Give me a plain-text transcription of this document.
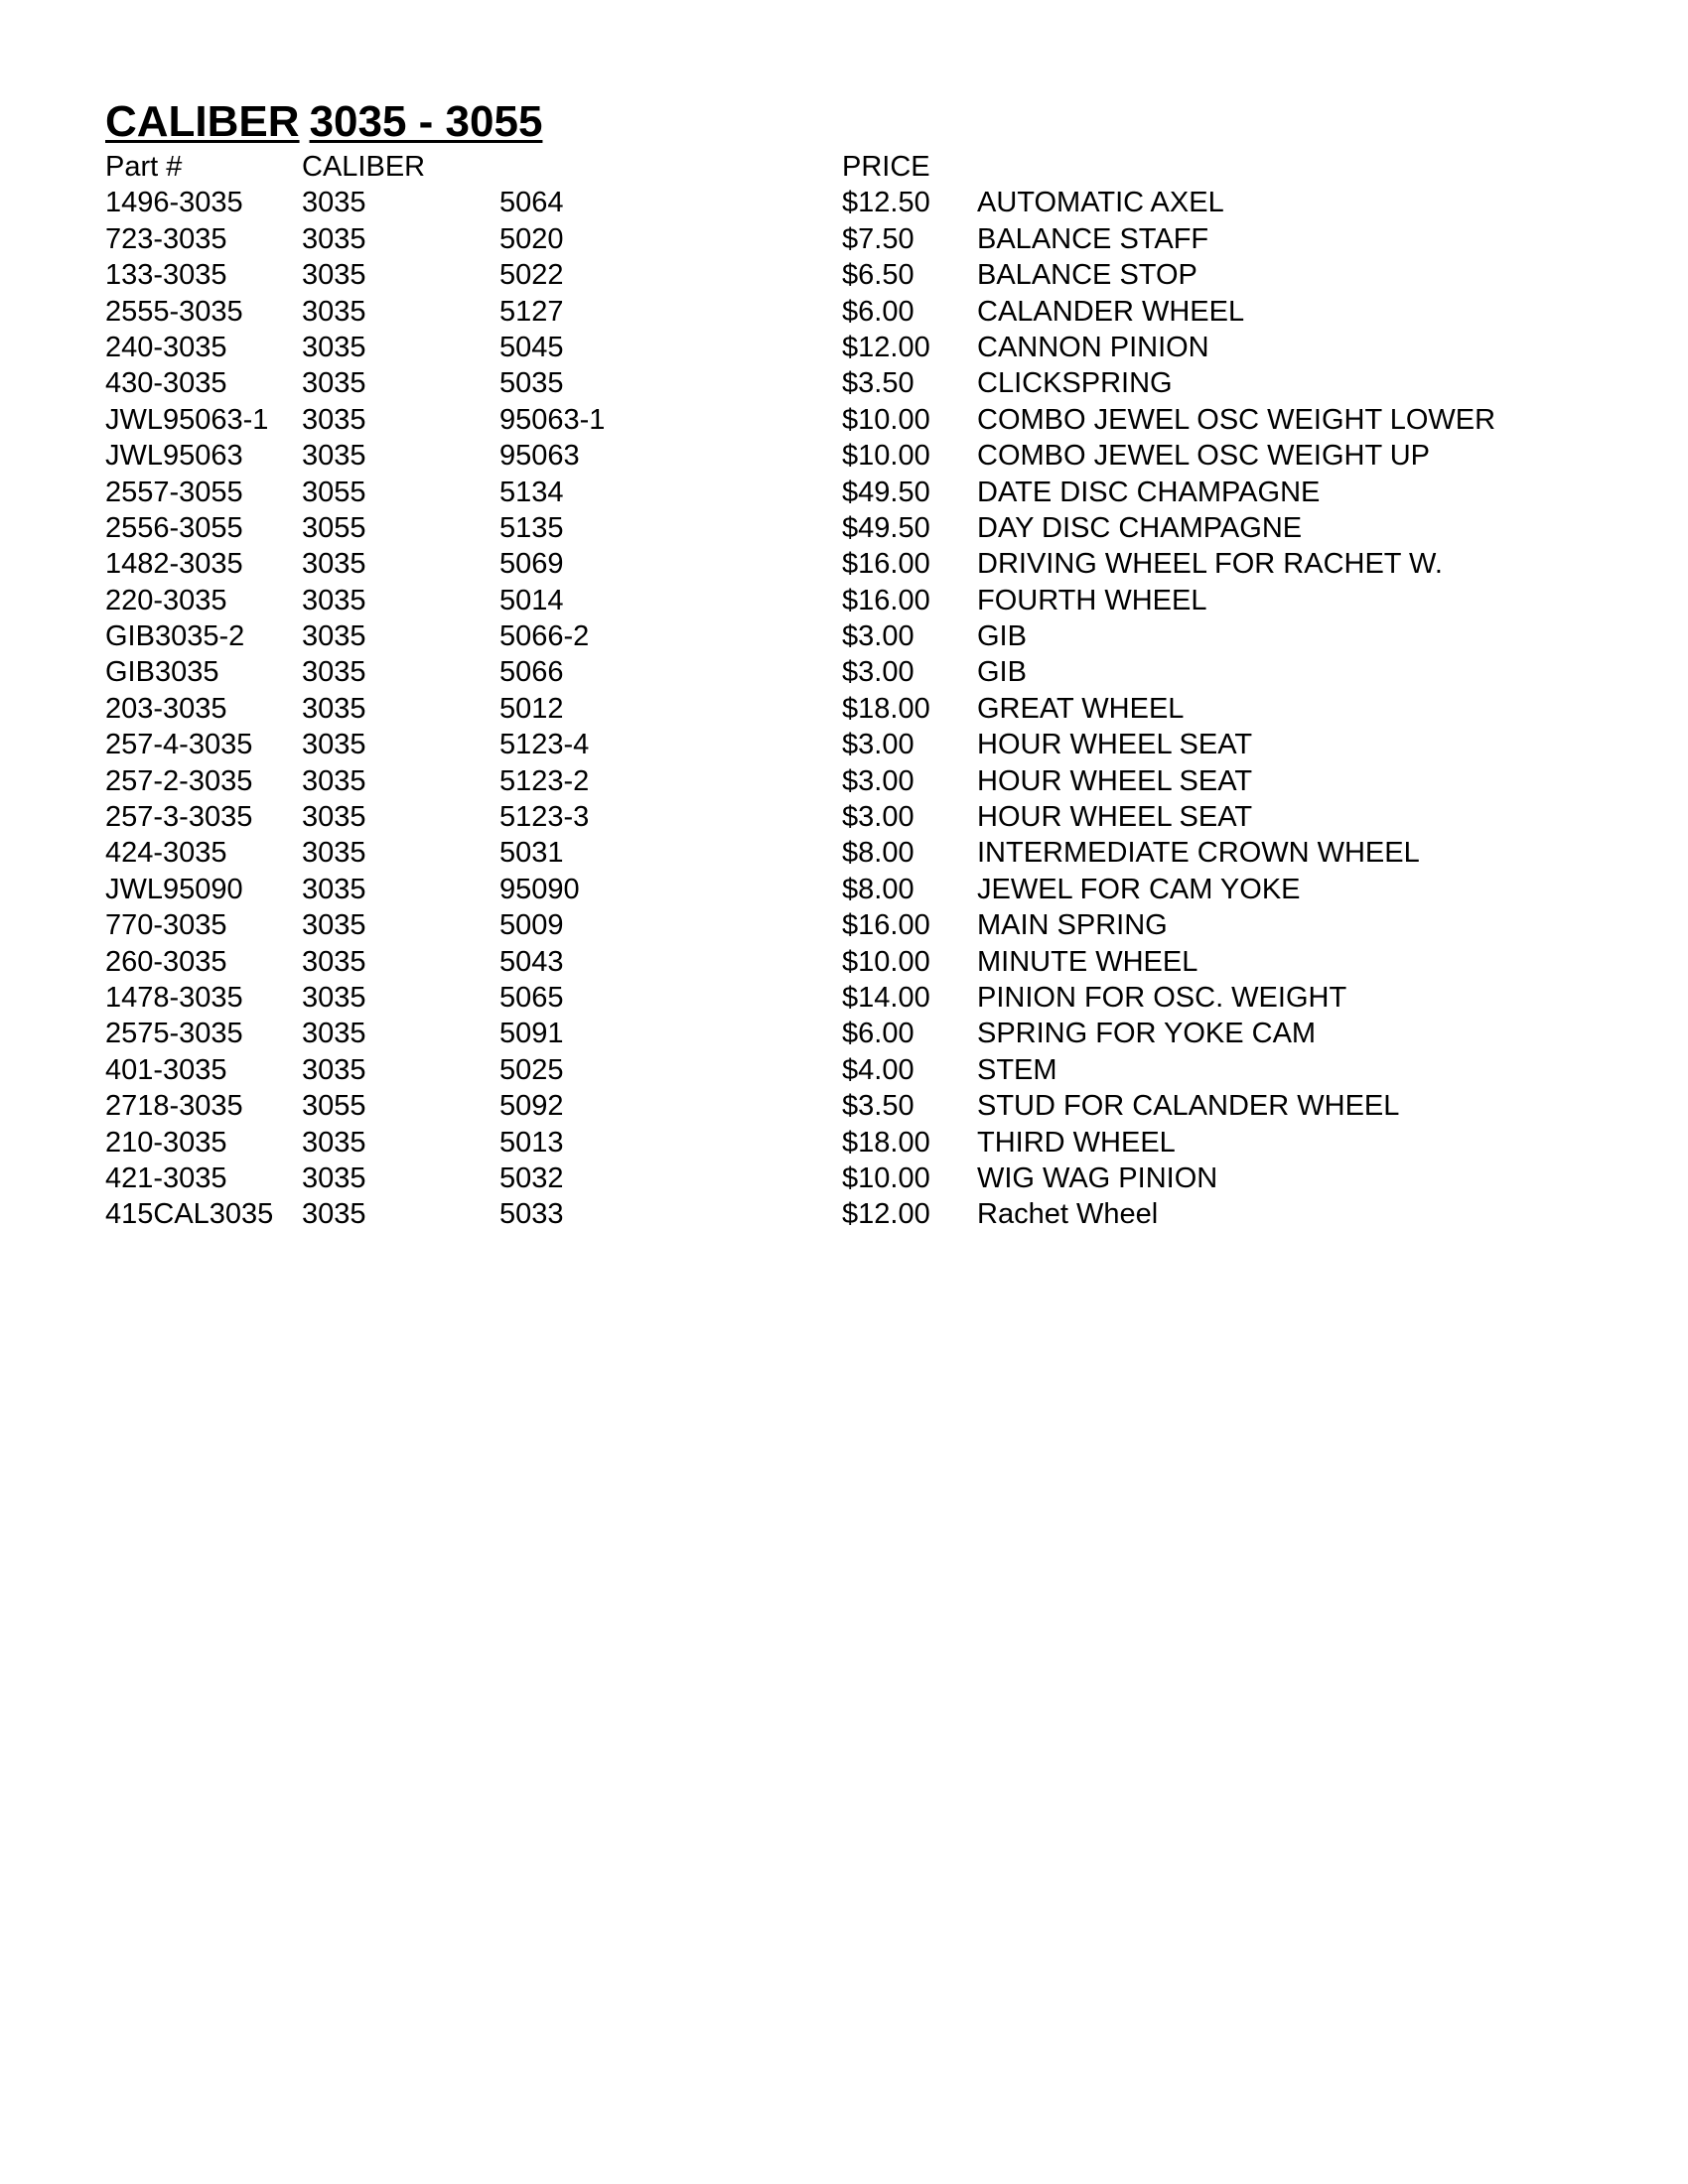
CALIBER 3035 - 3055
Part #	CALIBER	PRICE
1496-3035 3035	5064	$12.50 AUTOMATIC AXEL
723-3035	3035	5020	$7.50 BALANCE STAFF
133-3035	3035	5022	$6.50 BALANCE STOP
2555-3035 3035	5127	$6.00 CALANDER WHEEL
240-3035	3035	5045	$12.00 CANNON PINION
430-3035	3035	5035	$3.50 CLICKSPRING
JWL95063-1 3035	95063-1	$10.00 COMBO JEWEL OSC WEIGHT LOWER
JWL95063 3035	95063	$10.00 COMBO JEWEL OSC WEIGHT UP
2557-3055 3055	5134	$49.50 DATE DISC CHAMPAGNE
2556-3055 3055	5135	$49.50 DAY DISC CHAMPAGNE
1482-3035 3035	5069	$16.00 DRIVING WHEEL FOR RACHET W.
220-3035	3035	5014	$16.00 FOURTH WHEEL
GIB3035-2 3035	5066-2	$3.00 GIB
GIB3035	3035	5066	$3.00 GIB
203-3035	3035	5012	$18.00 GREAT WHEEL
257-4-3035 3035	5123-4	$3.00 HOUR WHEEL SEAT
257-2-3035 3035	5123-2	$3.00 HOUR WHEEL SEAT
257-3-3035 3035	5123-3	$3.00 HOUR WHEEL SEAT
424-3035	3035	5031	$8.00 INTERMEDIATE CROWN WHEEL
JWL95090 3035	95090	$8.00 JEWEL FOR CAM YOKE
770-3035	3035	5009	$16.00 MAIN SPRING
260-3035	3035	5043	$10.00 MINUTE WHEEL
1478-3035 3035	5065	$14.00 PINION FOR OSC. WEIGHT
2575-3035 3035	5091	$6.00 SPRING FOR YOKE CAM
401-3035	3035	5025	$4.00 STEM
2718-3035 3055	5092	$3.50 STUD FOR CALANDER WHEEL
210-3035	3035	5013	$18.00 THIRD WHEEL
421-3035	3035	5032	$10.00 WIG WAG PINION
415CAL3035 3035	5033	$12.00 Rachet Wheel
